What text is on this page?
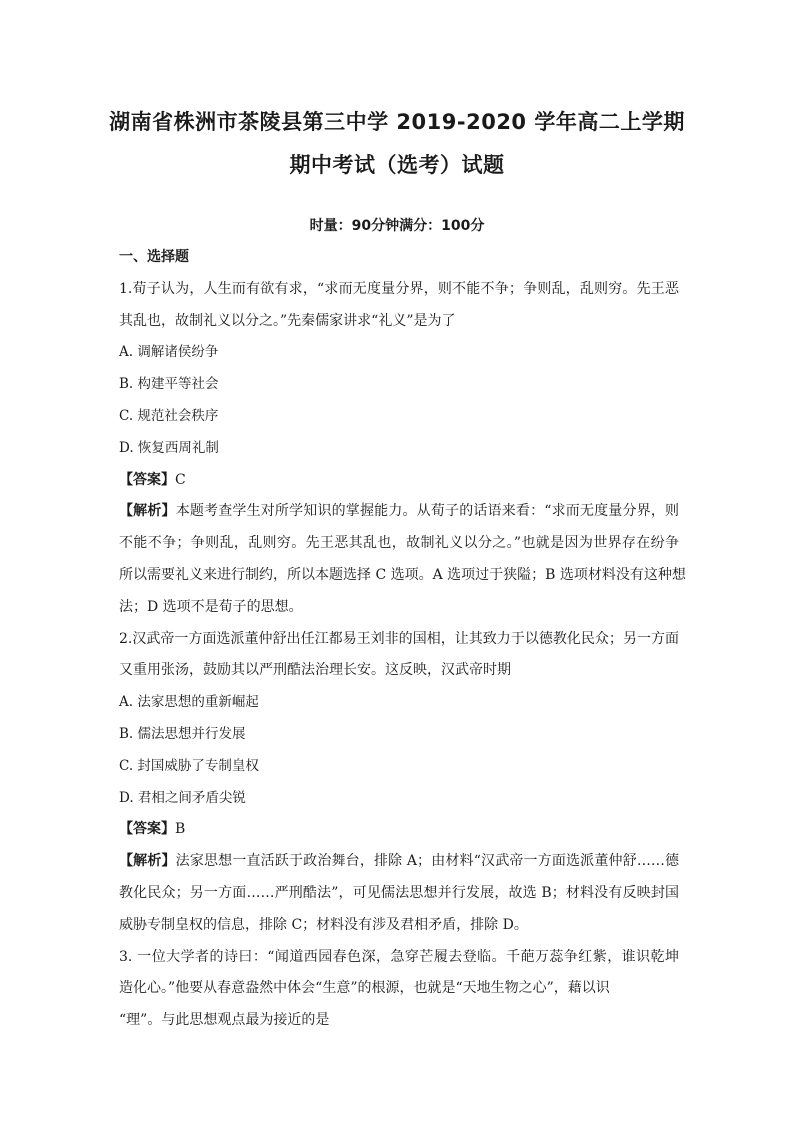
湖南省株洲市茶陵县第三中学 2019-2020 学年高二上学期
期中考试（选考）试题
时量：90分钟满分：100分
一、选择题
1.荀子认为，人生而有欲有求，“求而无度量分界，则不能不争；争则乱，乱则穷。先王恶
其乱也，故制礼义以分之。”先秦儒家讲求“礼义”是为了
A. 调解诸侯纷争
B. 构建平等社会
C. 规范社会秩序
D. 恢复西周礼制
【答案】C
【解析】本题考查学生对所学知识的掌握能力。从荀子的话语来看：“求而无度量分界，则
不能不争；争则乱，乱则穷。先王恶其乱也，故制礼义以分之。”也就是因为世界存在纷争
所以需要礼义来进行制约，所以本题选择 C 选项。A 选项过于狭隘；B 选项材料没有这种想
法；D 选项不是荀子的思想。
2.汉武帝一方面选派董仲舒出任江都易王刘非的国相，让其致力于以德教化民众；另一方面
又重用张汤，鼓励其以严刑酷法治理长安。这反映，汉武帝时期
A. 法家思想的重新崛起
B. 儒法思想并行发展
C. 封国威胁了专制皇权
D. 君相之间矛盾尖锐
【答案】B
【解析】法家思想一直活跃于政治舞台，排除 A；由材料“汉武帝一方面选派董仲舒……德
教化民众；另一方面……严刑酷法”，可见儒法思想并行发展，故选 B；材料没有反映封国
威胁专制皇权的信息，排除 C；材料没有涉及君相矛盾，排除 D。
3. 一位大学者的诗曰：“闻道西园春色深，急穿芒履去登临。千葩万蕊争红紫，谁识乾坤
造化心。”他要从春意盎然中体会“生意”的根源，也就是“天地生物之心”，藉以识
“理”。与此思想观点最为接近的是
